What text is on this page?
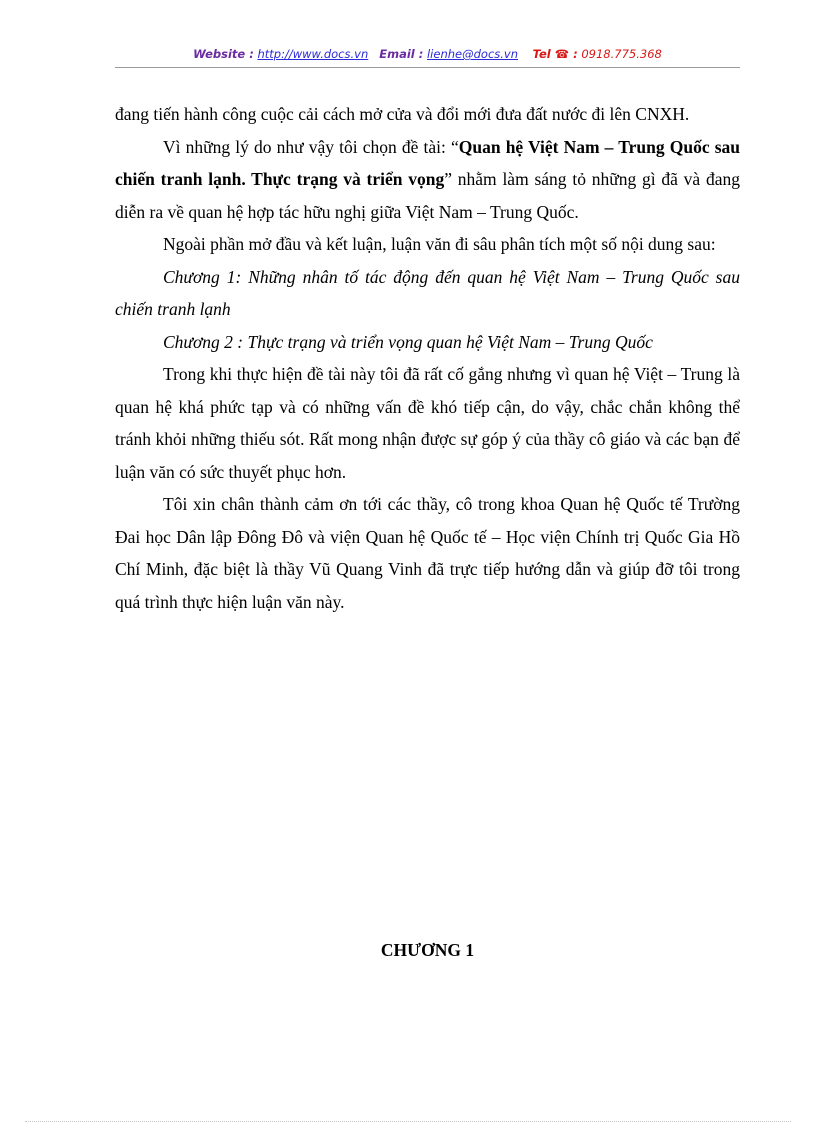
Website : http://www.docs.vn Email : lienhe@docs.vn Tel ☎ : 0918.775.368

đang tiến hành công cuộc cải cách mở cửa và đổi mới đưa đất nước đi lên CNXH.

Vì những lý do như vậy tôi chọn đề tài: “Quan hệ Việt Nam – Trung Quốc sau chiến tranh lạnh. Thực trạng và triển vọng” nhằm làm sáng tỏ những gì đã và đang diễn ra về quan hệ hợp tác hữu nghị giữa Việt Nam – Trung Quốc.

Ngoài phần mở đầu và kết luận, luận văn đi sâu phân tích một số nội dung sau:

Chương 1: Những nhân tố tác động đến quan hệ Việt Nam – Trung Quốc sau chiến tranh lạnh

Chương 2 : Thực trạng và triển vọng quan hệ Việt Nam – Trung Quốc

Trong khi thực hiện đề tài này tôi đã rất cố gắng nhưng vì quan hệ Việt – Trung là quan hệ khá phức tạp và có những vấn đề khó tiếp cận, do vậy, chắc chắn không thể tránh khỏi những thiếu sót. Rất mong nhận được sự góp ý của thầy cô giáo và các bạn để luận văn có sức thuyết phục hơn.

Tôi xin chân thành cảm ơn tới các thầy, cô trong khoa Quan hệ Quốc tế Trường Đai học Dân lập Đông Đô và viện Quan hệ Quốc tế – Học viện Chính trị Quốc Gia Hồ Chí Minh, đặc biệt là thầy Vũ Quang Vinh đã trực tiếp hướng dẫn và giúp đỡ tôi trong quá trình thực hiện luận văn này.

CHƯƠNG 1
